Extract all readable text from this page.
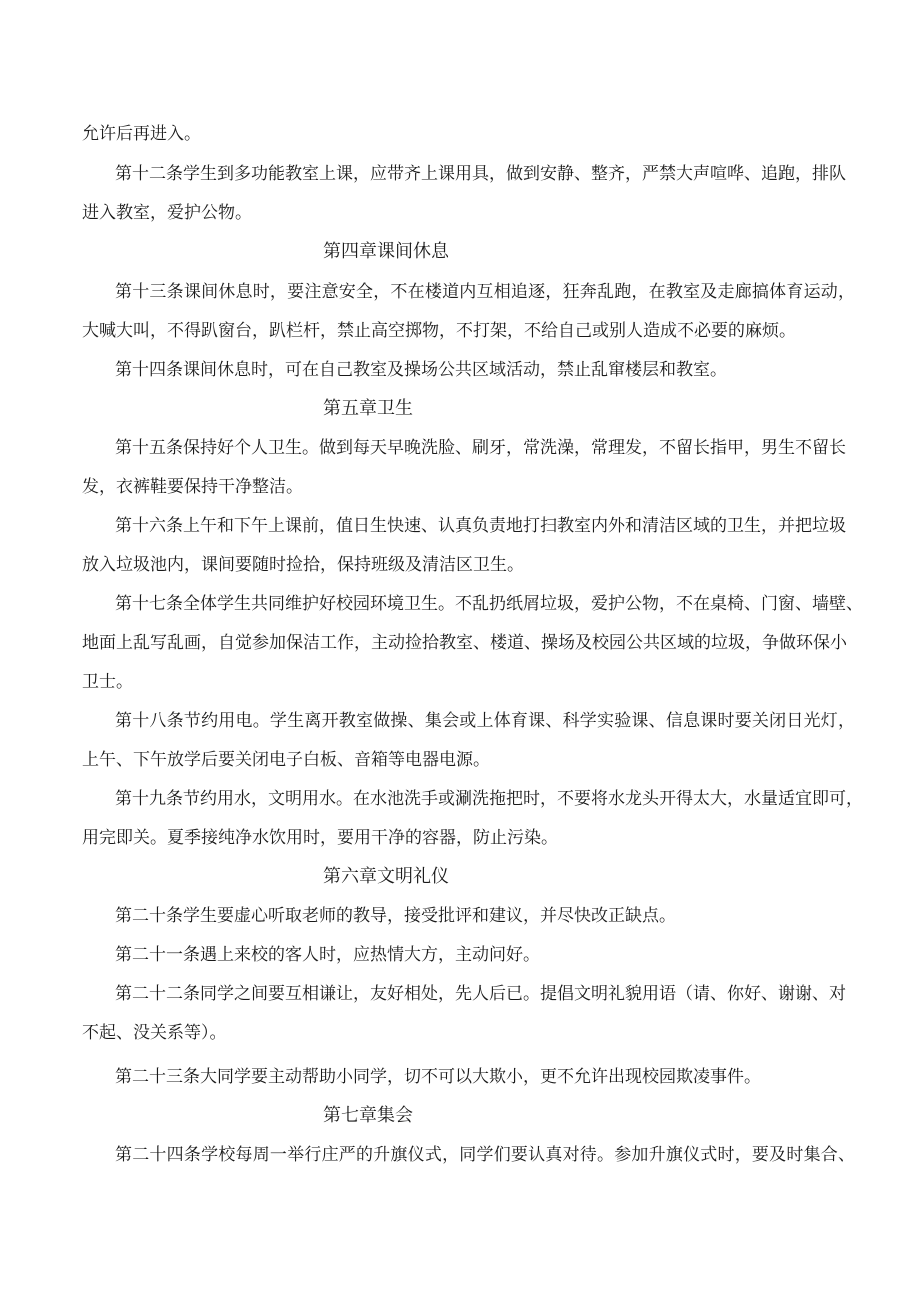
允许后再进入。

第十二条学生到多功能教室上课，应带齐上课用具，做到安静、整齐，严禁大声喧哗、追跑，排队

进入教室，爱护公物。

第四章课间休息

第十三条课间休息时，要注意安全，不在楼道内互相追逐，狂奔乱跑，在教室及走廊搞体育运动，

大喊大叫，不得趴窗台，趴栏杆，禁止高空掷物，不打架，不给自己或别人造成不必要的麻烦。

第十四条课间休息时，可在自己教室及操场公共区域活动，禁止乱窜楼层和教室。

第五章卫生

第十五条保持好个人卫生。做到每天早晚洗脸、刷牙，常洗澡，常理发，不留长指甲，男生不留长

发，衣裤鞋要保持干净整洁。

第十六条上午和下午上课前，值日生快速、认真负责地打扫教室内外和清洁区域的卫生，并把垃圾

放入垃圾池内，课间要随时捡拾，保持班级及清洁区卫生。

第十七条全体学生共同维护好校园环境卫生。不乱扔纸屑垃圾，爱护公物，不在桌椅、门窗、墙壁、

地面上乱写乱画，自觉参加保洁工作，主动捡拾教室、楼道、操场及校园公共区域的垃圾，争做环保小

卫士。

第十八条节约用电。学生离开教室做操、集会或上体育课、科学实验课、信息课时要关闭日光灯，

上午、下午放学后要关闭电子白板、音箱等电器电源。

第十九条节约用水，文明用水。在水池洗手或涮洗拖把时，不要将水龙头开得太大，水量适宜即可，

用完即关。夏季接纯净水饮用时，要用干净的容器，防止污染。

第六章文明礼仪

第二十条学生要虚心听取老师的教导，接受批评和建议，并尽快改正缺点。

第二十一条遇上来校的客人时，应热情大方，主动问好。

第二十二条同学之间要互相谦让，友好相处，先人后已。提倡文明礼貌用语（请、你好、谢谢、对

不起、没关系等）。

第二十三条大同学要主动帮助小同学，切不可以大欺小，更不允许出现校园欺凌事件。

第七章集会

第二十四条学校每周一举行庄严的升旗仪式，同学们要认真对待。参加升旗仪式时，要及时集合、
